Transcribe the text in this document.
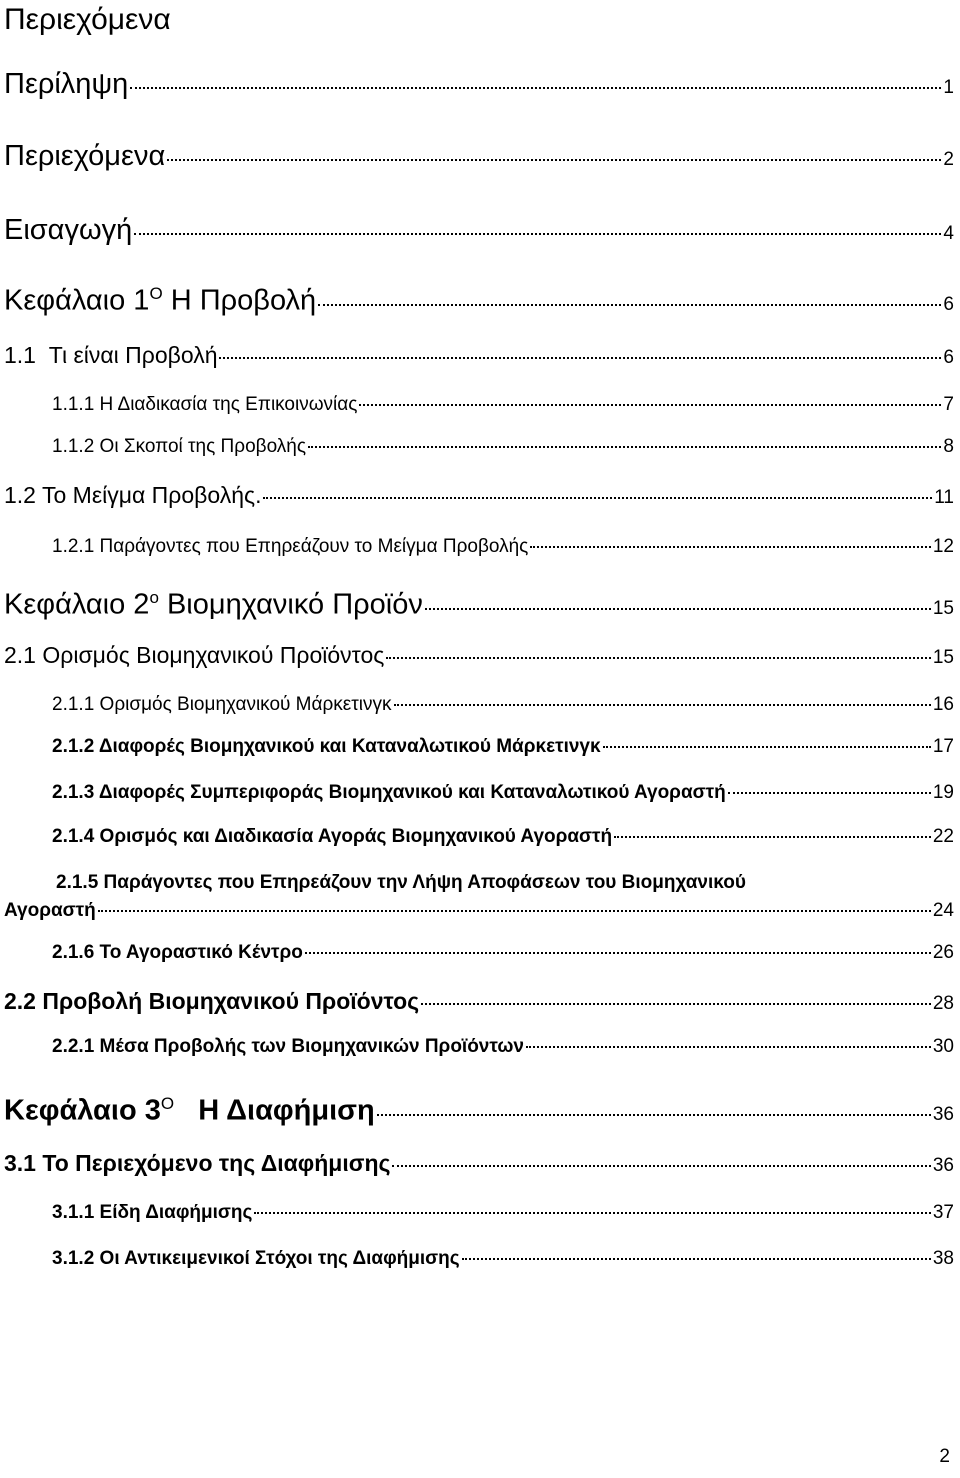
Περιεχόμενα
Περίληψη	1
Περιεχόμενα	2
Εισαγωγή	4
Κεφάλαιο $1^O$ Η Προβολή	6
1.1 Τι είναι Προβολή	6
1.1.1 Η Διαδικασία της Επικοινωνίας	7
1.1.2 Οι Σκοποί της Προβολής	8
1.2 Το Μείγμα Προβολής.	11
1.2.1 Παράγοντες που Επηρεάζουν το Μείγμα Προβολής	12
Κεφάλαιο $2^o$ Βιομηχανικό Προϊόν	15
2.1 Ορισμός Βιομηχανικού Προϊόντος	15
2.1.1 Ορισμός Βιομηχανικού Μάρκετινγκ	16
2.1.2 Διαφορές Βιομηχανικού και Καταναλωτικού Μάρκετινγκ	17
2.1.3 Διαφορές Συμπεριφοράς Βιομηχανικού και Καταναλωτικού Αγοραστή	19
2.1.4 Ορισμός και Διαδικασία Αγοράς Βιομηχανικού Αγοραστή	22
2.1.5 Παράγοντες που Επηρεάζουν την Λήψη Αποφάσεων του Βιομηχανικού
Αγοραστή	24
2.1.6 Το Αγοραστικό Κέντρο	26
2.2 Προβολή Βιομηχανικού Προϊόντος	28
2.2.1 Μέσα Προβολής των Βιομηχανικών Προϊόντων	30
Κεφάλαιο $3^O$ Η Διαφήμιση	36
3.1 Το Περιεχόμενο της Διαφήμισης	36
3.1.1 Είδη Διαφήμισης	37
3.1.2 Οι Αντικειμενικοί Στόχοι της Διαφήμισης	38
2
